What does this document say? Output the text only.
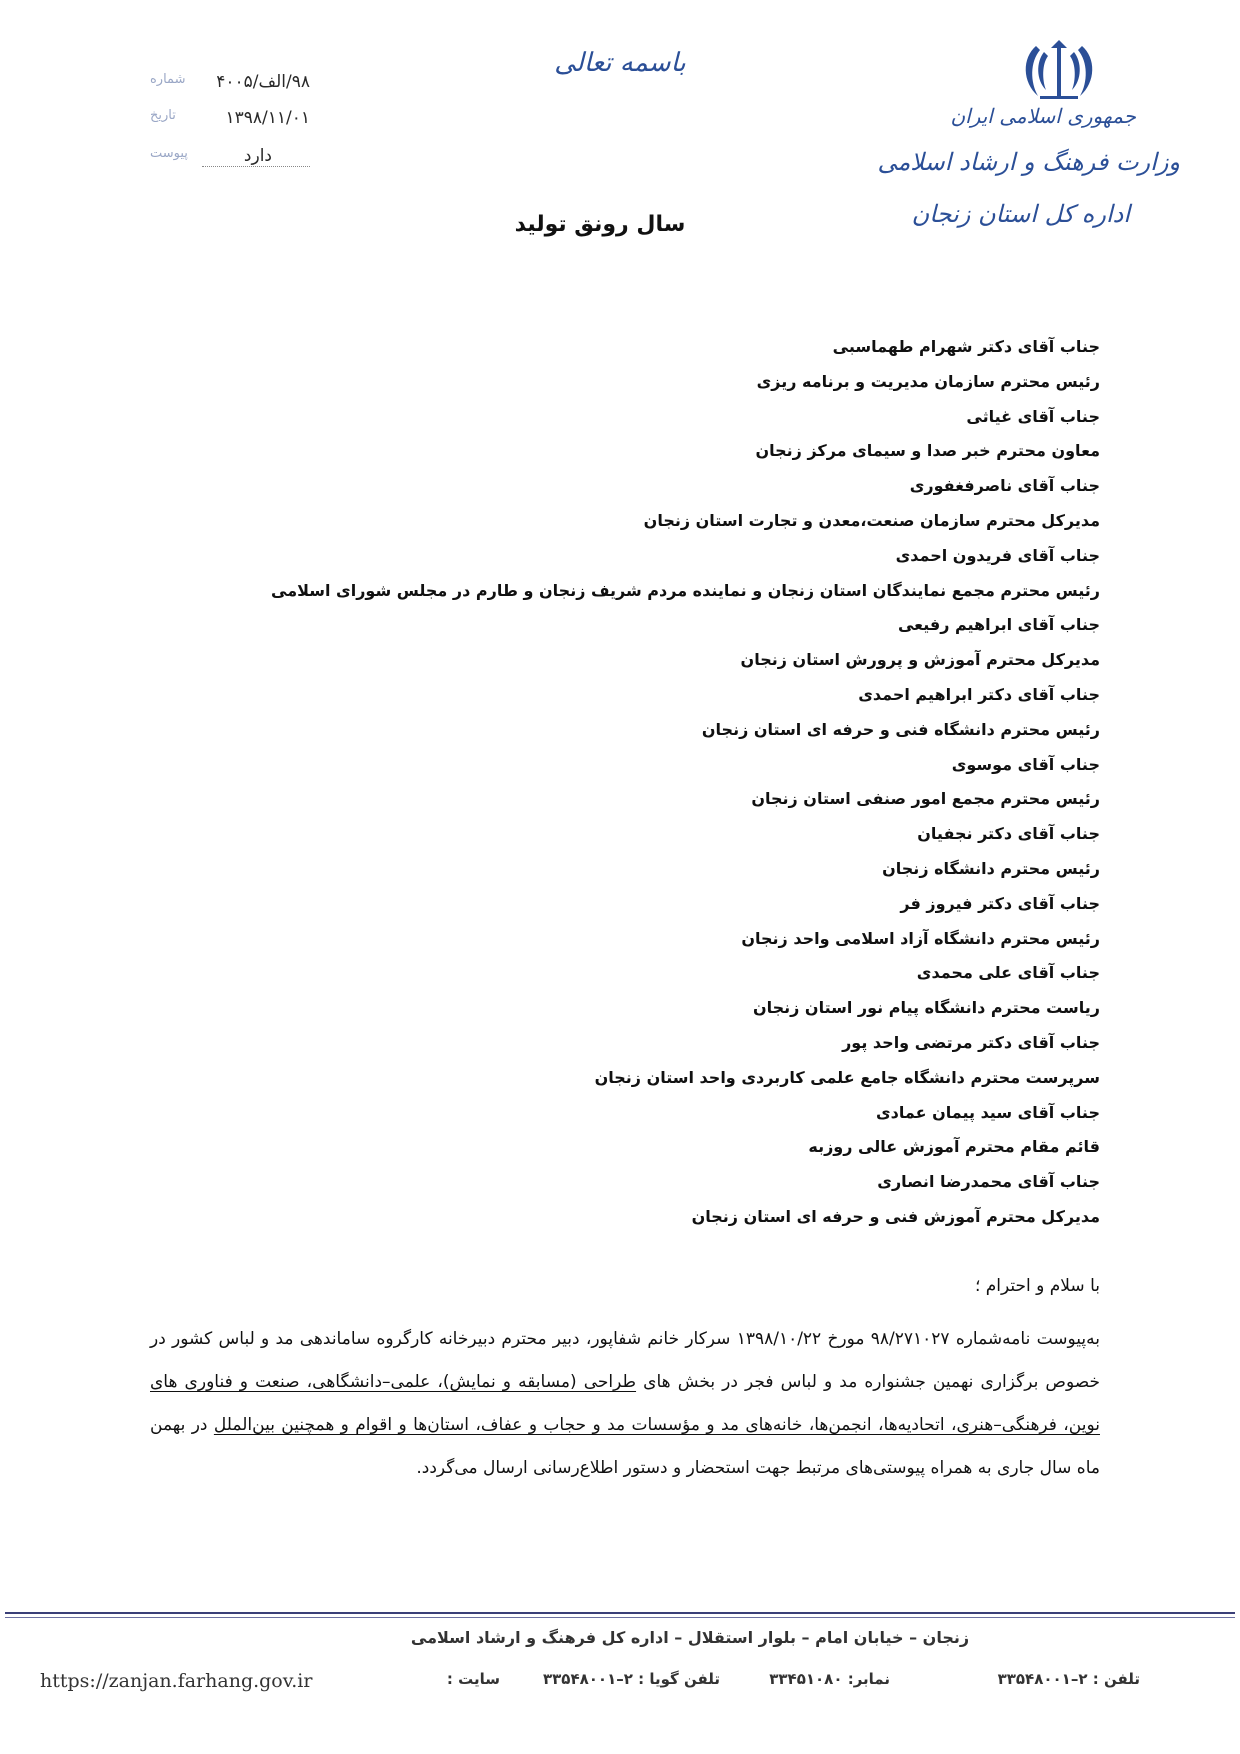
جمهوری اسلامی ایران
وزارت فرهنگ و ارشاد اسلامی
اداره کل استان زنجان
باسمه تعالی
۹۸/الف/۴۰۰۵
شماره
۱۳۹۸/۱۱/۰۱
تاریخ
دارد
پیوست
سال رونق تولید
جناب آقای دکتر شهرام طهماسبی
رئیس محترم سازمان مدیریت و برنامه ریزی
جناب آقای غیاثی
معاون محترم خبر صدا و سیمای مرکز زنجان
جناب آقای ناصرفغفوری
مدیرکل محترم سازمان صنعت،معدن و تجارت استان زنجان
جناب آقای فریدون احمدی
رئیس محترم مجمع نمایندگان استان زنجان و نماینده مردم شریف زنجان و طارم در مجلس شورای اسلامی
جناب آقای ابراهیم رفیعی
مدیرکل محترم آموزش و پرورش استان زنجان
جناب آقای دکتر ابراهیم احمدی
رئیس محترم دانشگاه فنی و حرفه ای استان زنجان
جناب آقای موسوی
رئیس محترم مجمع امور صنفی استان زنجان
جناب آقای دکتر نجفیان
رئیس محترم دانشگاه زنجان
جناب آقای دکتر فیروز فر
رئیس محترم دانشگاه آزاد اسلامی واحد زنجان
جناب آقای علی محمدی
ریاست محترم دانشگاه پیام نور استان زنجان
جناب آقای دکتر مرتضی واحد پور
سرپرست محترم دانشگاه جامع علمی کاربردی واحد استان زنجان
جناب آقای سید پیمان عمادی
قائم مقام محترم آموزش عالی روزبه
جناب آقای محمدرضا انصاری
مدیرکل محترم آموزش فنی و حرفه ای استان زنجان
با سلام و احترام ؛

به‌پیوست نامه‌شماره ۹۸/۲۷۱۰۲۷ مورخ ۱۳۹۸/۱۰/۲۲ سرکار خانم شفاپور، دبیر محترم دبیرخانه کارگروه ساماندهی مد و لباس کشور در خصوص برگزاری نهمین جشنواره مد و لباس فجر در بخش های طراحی (مسابقه و نمایش)، علمی–دانشگاهی، صنعت و فناوری های نوین، فرهنگی–هنری، اتحادیه‌ها، انجمن‌ها، خانه‌های مد و مؤسسات مد و حجاب و عفاف، استان‌ها و اقوام و همچنین بین‌الملل در بهمن ماه سال جاری به همراه پیوستی‌های مرتبط جهت استحضار و دستور اطلاع‌رسانی ارسال می‌گردد.

زنجان – خیابان امام – بلوار استقلال – اداره کل فرهنگ و ارشاد اسلامی
تلفن : ۲–۳۳۵۴۸۰۰۱
نمابر: ۳۳۴۵۱۰۸۰
تلفن گویا : ۲–۳۳۵۴۸۰۰۱
سایت :
https://zanjan.farhang.gov.ir
